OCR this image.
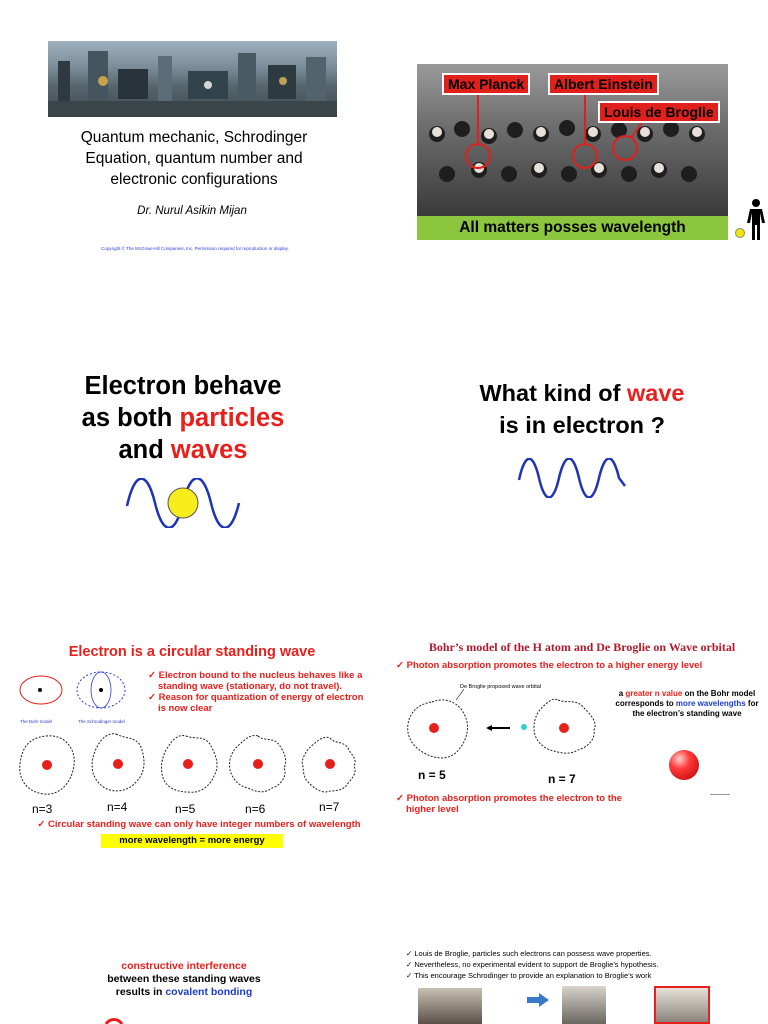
Quantum mechanic, Schrodinger
Equation, quantum number and
electronic configurations
Dr. Nurul Asikin Mijan
Copyright © The McGraw-Hill Companies, Inc. Permission required for reproduction or display.
Max Planck	Albert Einstein
Louis de Broglie
All matters posses wavelength
Electron behave
as both particles
and waves
What kind of wave
is in electron ?
Electron is a circular standing wave
The Bohr model	The Schrodinger model
✓ Electron bound to the nucleus behaves like a standing wave (stationary, do not travel).
✓ Reason for quantization of energy of electron is now clear
n=3	n=4	n=5	n=6	n=7
✓ Circular standing wave can only have integer numbers of wavelength
more wavelength = more energy
Bohr’s model of the H atom and De Broglie on Wave orbital
✓ Photon absorption promotes the electron to a higher energy level
De Broglie proposed wave orbital
n = 5	n = 7
a greater n value on the Bohr model corresponds to more wavelengths for the electron’s standing wave
✓ Photon absorption promotes the electron to the higher level
constructive interference
between these standing waves
results in covalent bonding
✓ Louis de Broglie, particles such electrons can possess wave properties.
✓ Nevertheless, no experimental evident to support de Broglie’s hypothesis.
✓ This encourage Schrodinger to provide an explanation to Broglie’s work
